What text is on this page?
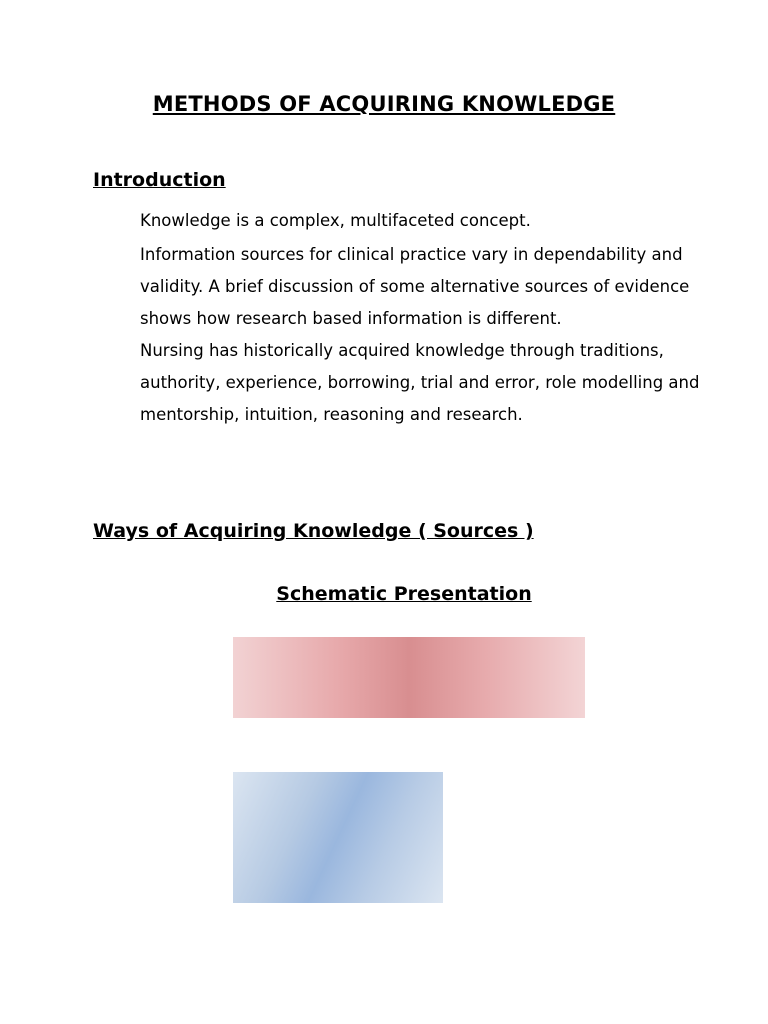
METHODS OF ACQUIRING KNOWLEDGE
Introduction

Knowledge is a complex, multifaceted concept.

Information sources for clinical practice vary in dependability and validity. A brief discussion of some alternative sources of evidence shows how research based information is different.

Nursing has historically acquired knowledge through traditions, authority, experience, borrowing, trial and error, role modelling and mentorship, intuition, reasoning and research.

Ways of Acquiring Knowledge ( Sources )
Schematic Presentation
